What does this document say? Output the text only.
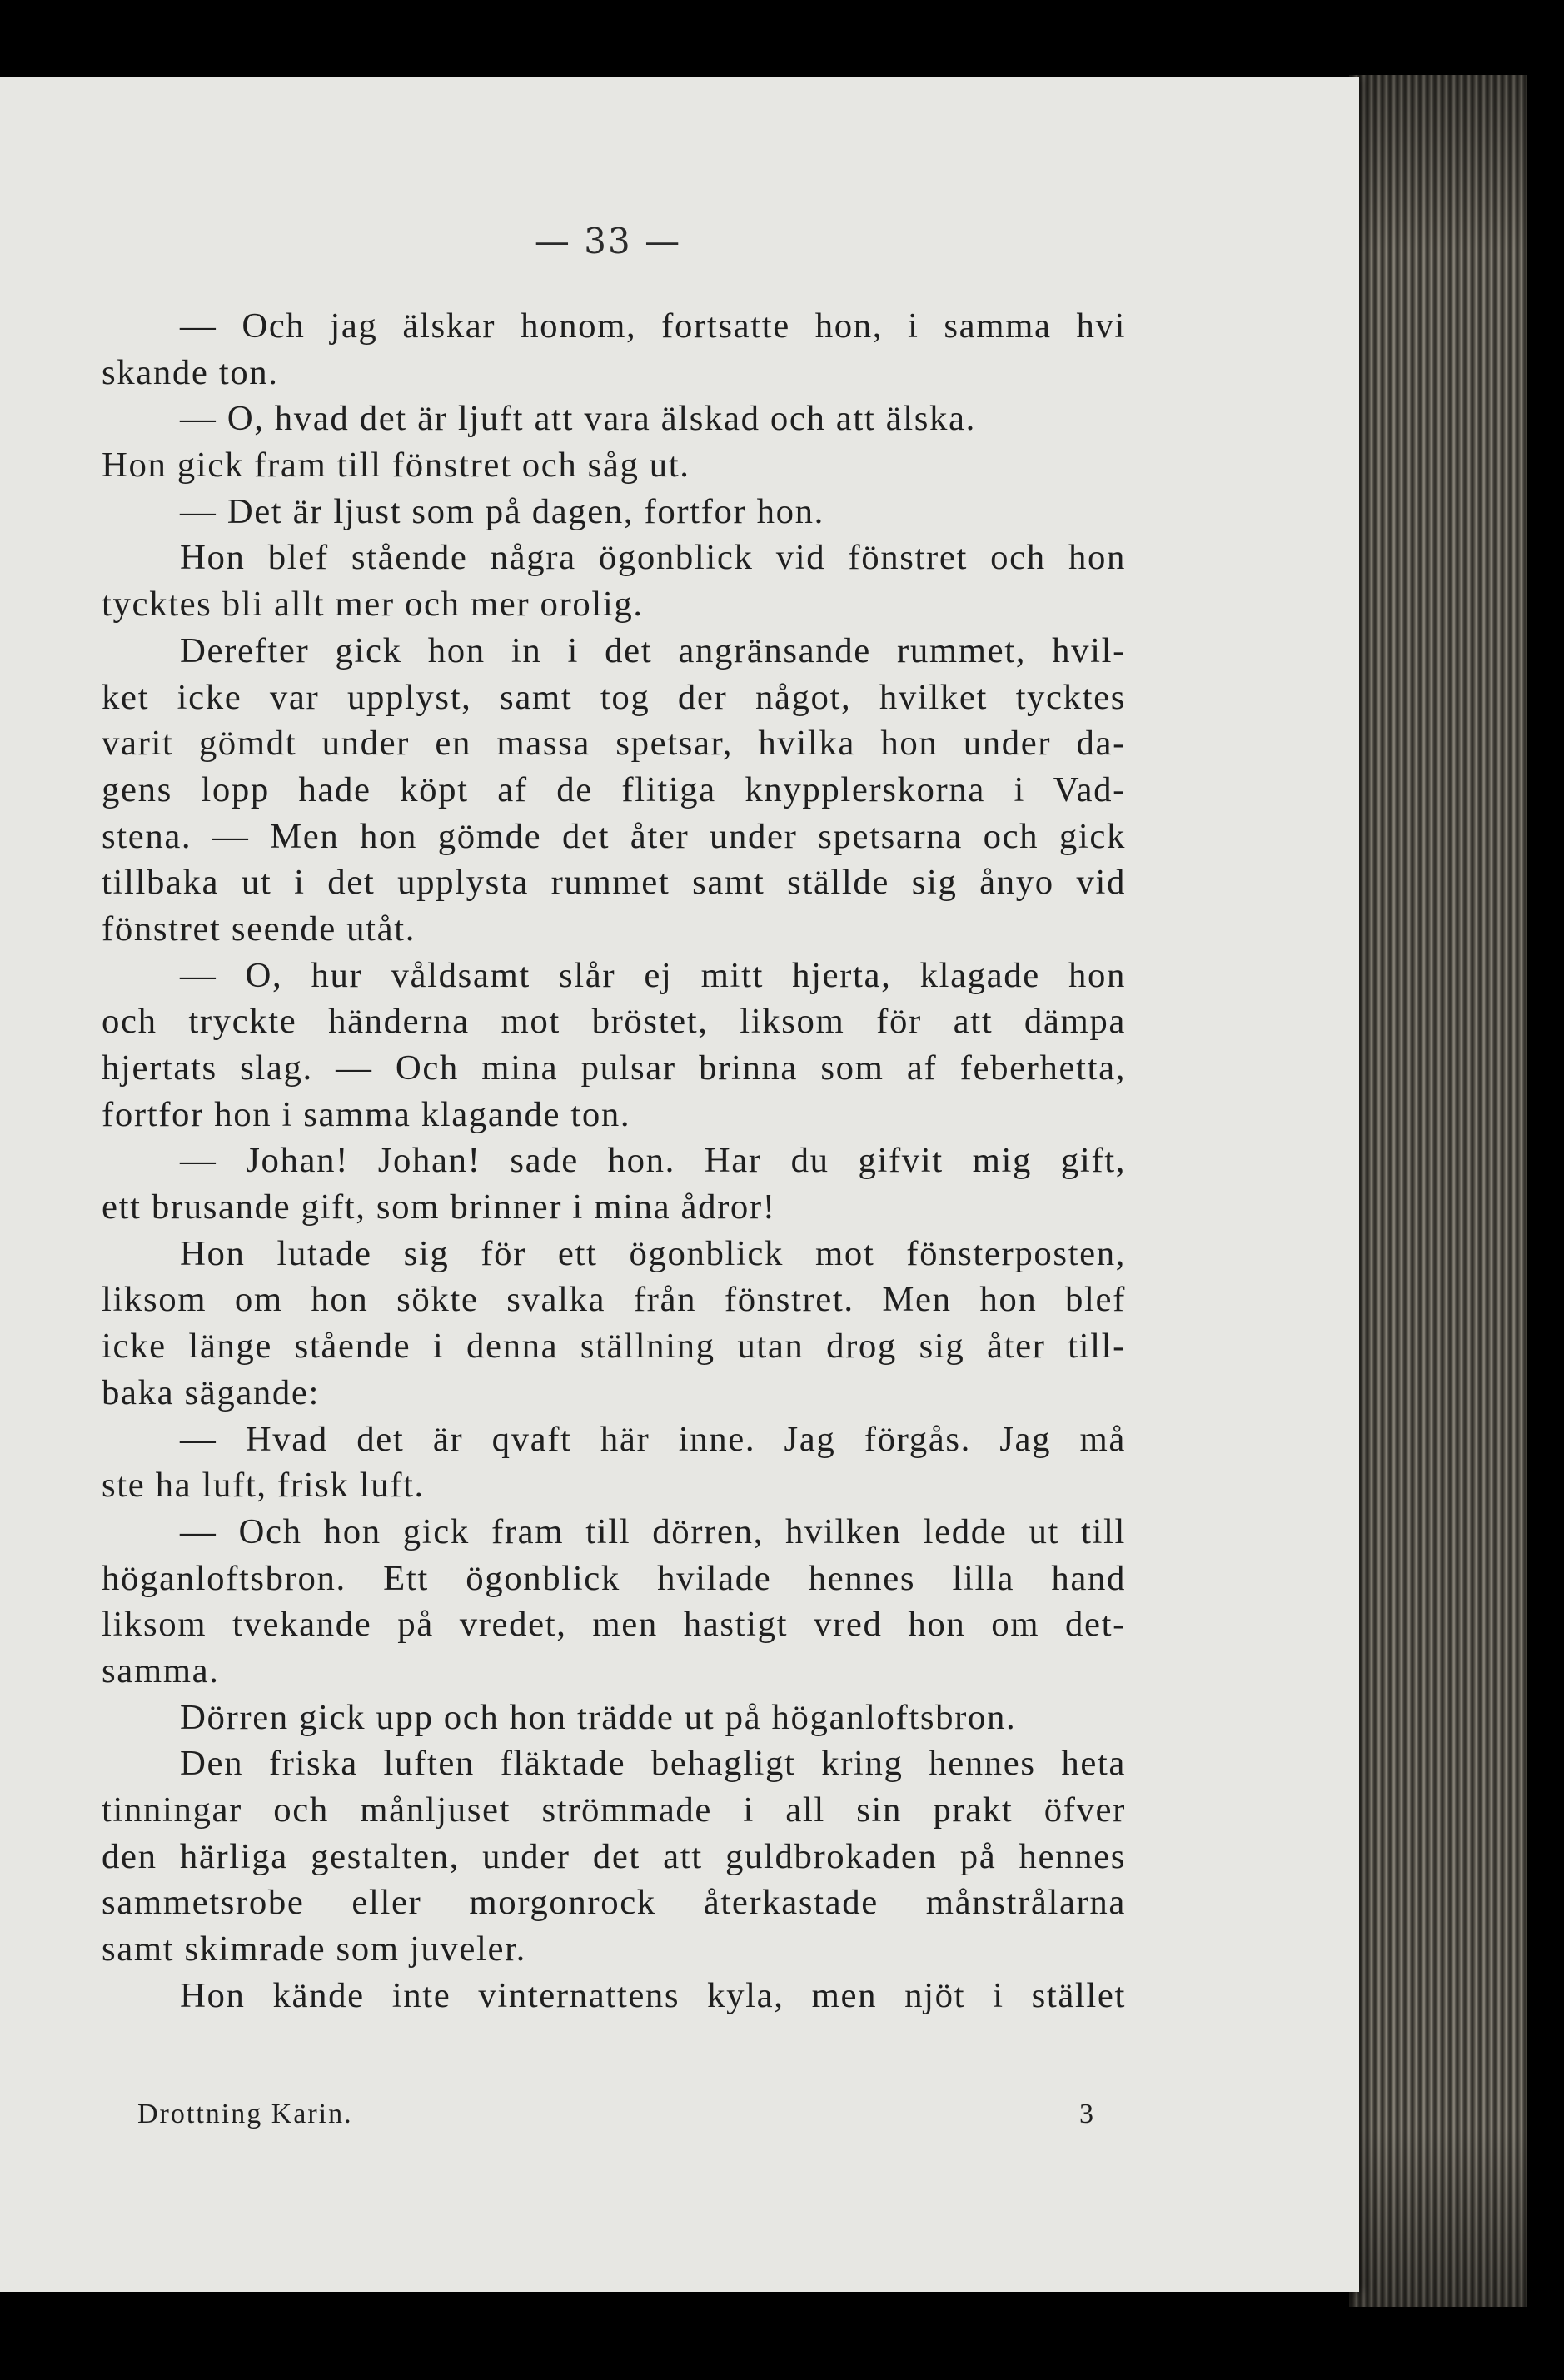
— 33 —
— Och jag älskar honom, fortsatte hon, i samma hvi
skande ton.
— O, hvad det är ljuft att vara älskad och att älska.
Hon gick fram till fönstret och såg ut.
— Det är ljust som på dagen, fortfor hon.
Hon blef stående några ögonblick vid fönstret och hon
tycktes bli allt mer och mer orolig.
Derefter gick hon in i det angränsande rummet, hvil-
ket icke var upplyst, samt tog der något, hvilket tycktes
varit gömdt under en massa spetsar, hvilka hon under da-
gens lopp hade köpt af de flitiga knypplerskorna i Vad-
stena. — Men hon gömde det åter under spetsarna och gick
tillbaka ut i det upplysta rummet samt ställde sig ånyo vid
fönstret seende utåt.
— O, hur våldsamt slår ej mitt hjerta, klagade hon
och tryckte händerna mot bröstet, liksom för att dämpa
hjertats slag. — Och mina pulsar brinna som af feberhetta,
fortfor hon i samma klagande ton.
— Johan! Johan! sade hon. Har du gifvit mig gift,
ett brusande gift, som brinner i mina ådror!
Hon lutade sig för ett ögonblick mot fönsterposten,
liksom om hon sökte svalka från fönstret. Men hon blef
icke länge stående i denna ställning utan drog sig åter till-
baka sägande:
— Hvad det är qvaft här inne. Jag förgås. Jag må
ste ha luft, frisk luft.
— Och hon gick fram till dörren, hvilken ledde ut till
höganloftsbron. Ett ögonblick hvilade hennes lilla hand
liksom tvekande på vredet, men hastigt vred hon om det-
samma.
Dörren gick upp och hon trädde ut på höganloftsbron.
Den friska luften fläktade behagligt kring hennes heta
tinningar och månljuset strömmade i all sin prakt öfver
den härliga gestalten, under det att guldbrokaden på hennes
sammetsrobe eller morgonrock återkastade månstrålarna
samt skimrade som juveler.
Hon kände inte vinternattens kyla, men njöt i stället
Drottning Karin.	3
